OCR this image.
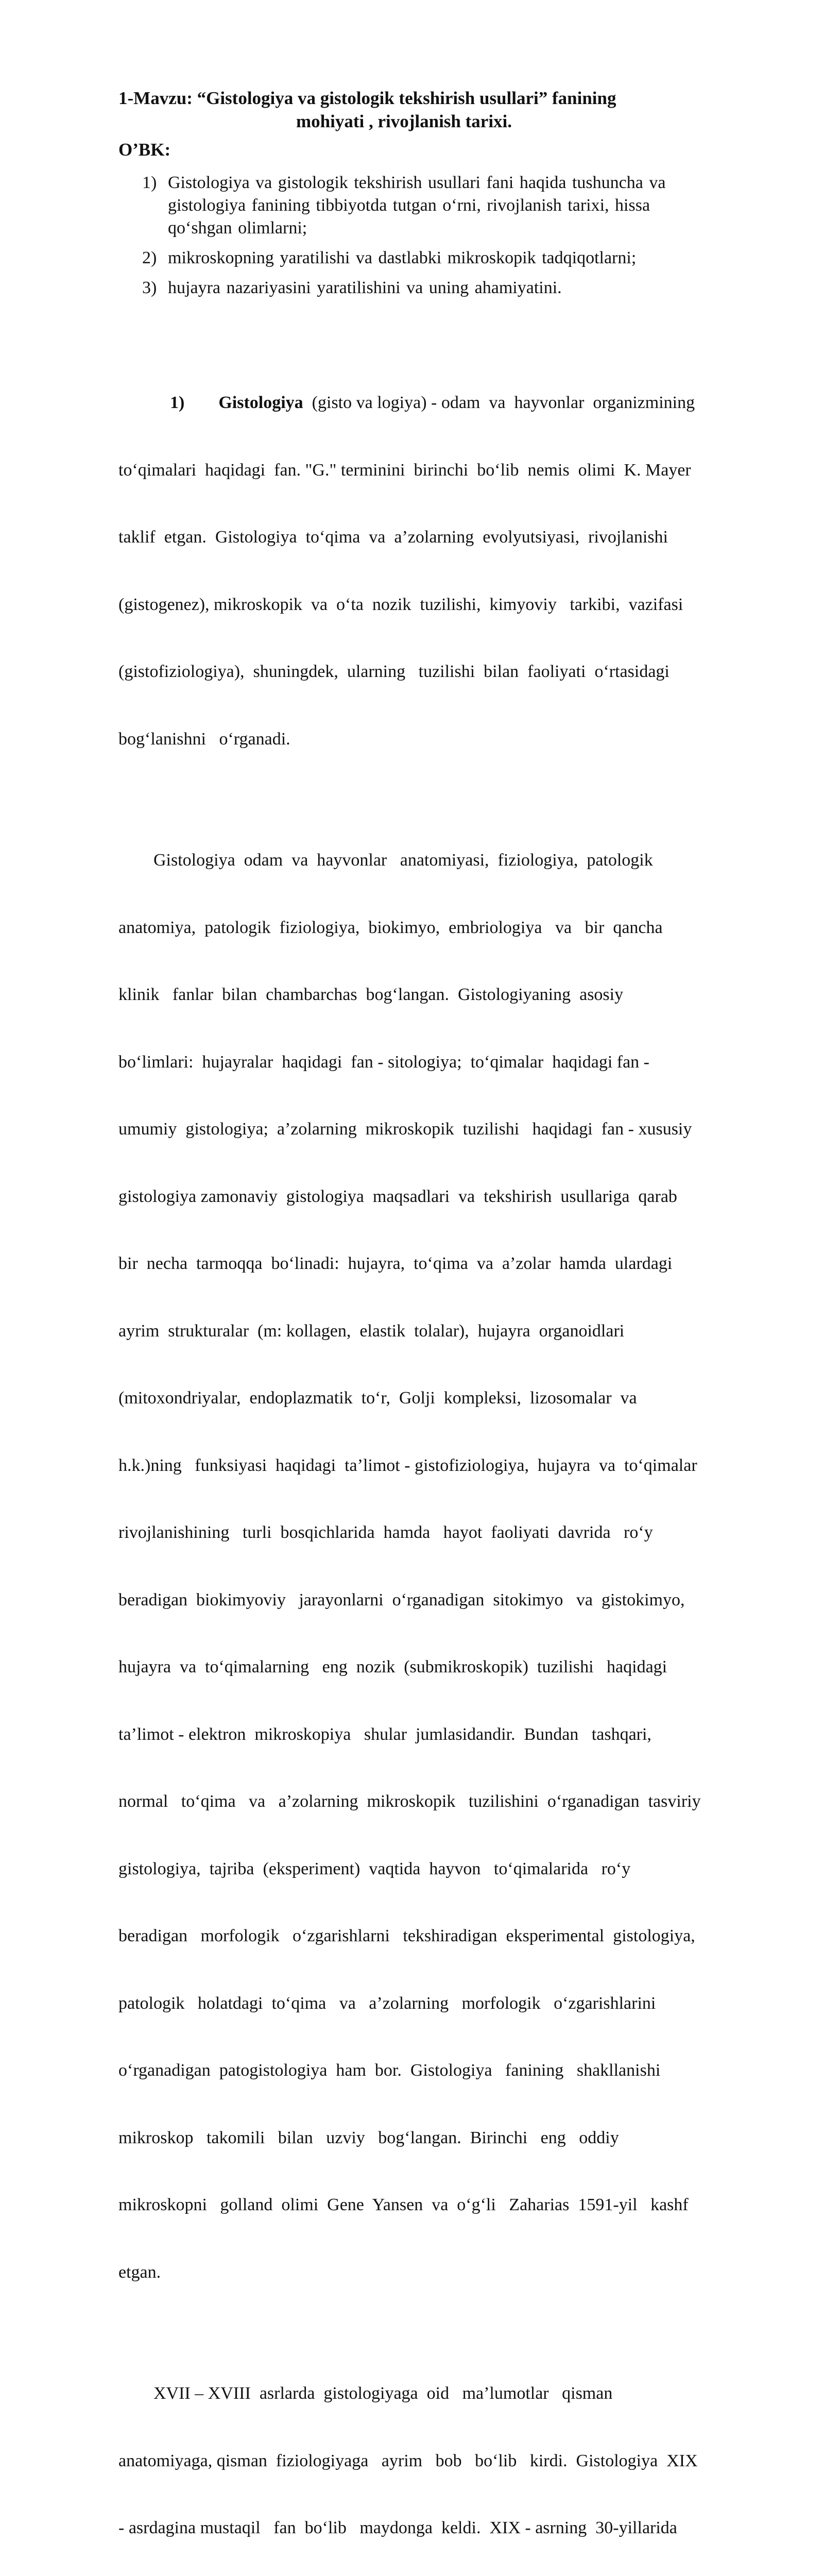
1-Mavzu: “Gistologiya va gistologik tekshirish usullari” fanining
mohiyati , rivojlanish tarixi.
O’BK:
1) Gistologiya va gistologik tekshirish usullari fani haqida tushuncha va
gistologiya fanining tibbiyotda tutgan o‘rni, rivojlanish tarixi, hissa
qo‘shgan olimlarni;
2) mikroskopning yaratilishi va dastlabki mikroskopik tadqiqotlarni;
3) hujayra nazariyasini yaratilishini va uning ahamiyatini.

1) Gistologiya  (gisto va logiya) - odam  va  hayvonlar  organizmining

to‘qimalari  haqidagi  fan. "G." terminini  birinchi  bo‘lib  nemis  olimi  K. Mayer

taklif  etgan.  Gistologiya  to‘qima  va  a’zolarning  evolyutsiyasi,  rivojlanishi

(gistogenez), mikroskopik  va  o‘ta  nozik  tuzilishi,  kimyoviy   tarkibi,  vazifasi

(gistofiziologiya),  shuningdek,  ularning   tuzilishi  bilan  faoliyati  o‘rtasidagi

bog‘lanishni   o‘rganadi.

Gistologiya  odam  va  hayvonlar   anatomiyasi,  fiziologiya,  patologik

anatomiya,  patologik  fiziologiya,  biokimyo,  embriologiya   va   bir  qancha

klinik   fanlar  bilan  chambarchas  bog‘langan.  Gistologiyaning  asosiy

bo‘limlari:  hujayralar  haqidagi  fan - sitologiya;  to‘qimalar  haqidagi fan -

umumiy  gistologiya;  a’zolarning  mikroskopik  tuzilishi   haqidagi  fan - xususiy

gistologiya zamonaviy  gistologiya  maqsadlari  va  tekshirish  usullariga  qarab

bir  necha  tarmoqqa  bo‘linadi:  hujayra,  to‘qima  va  a’zolar  hamda  ulardagi

ayrim  strukturalar  (m: kollagen,  elastik  tolalar),  hujayra  organoidlari

(mitoxondriyalar,  endoplazmatik  to‘r,  Golji  kompleksi,  lizosomalar  va

h.k.)ning   funksiyasi  haqidagi  ta’limot - gistofiziologiya,  hujayra  va  to‘qimalar

rivojlanishining   turli  bosqichlarida  hamda   hayot  faoliyati  davrida   ro‘y

beradigan  biokimyoviy   jarayonlarni  o‘rganadigan  sitokimyo   va  gistokimyo,

hujayra  va  to‘qimalarning   eng  nozik  (submikroskopik)  tuzilishi   haqidagi

ta’limot - elektron  mikroskopiya   shular  jumlasidandir.  Bundan   tashqari,

normal   to‘qima   va   a’zolarning  mikroskopik   tuzilishini  o‘rganadigan  tasviriy

gistologiya,  tajriba  (eksperiment)  vaqtida  hayvon   to‘qimalarida   ro‘y

beradigan   morfologik   o‘zgarishlarni   tekshiradigan  eksperimental  gistologiya,

patologik   holatdagi  to‘qima   va   a’zolarning   morfologik   o‘zgarishlarini

o‘rganadigan  patogistologiya  ham  bor.  Gistologiya   fanining   shakllanishi

mikroskop   takomili   bilan   uzviy   bog‘langan.  Birinchi   eng   oddiy

mikroskopni   golland  olimi  Gene  Yansen  va  o‘g‘li   Zaharias  1591-yil   kashf

etgan.

XVII – XVIII  asrlarda  gistologiyaga  oid   ma’lumotlar   qisman

anatomiyaga, qisman  fiziologiyaga   ayrim   bob   bo‘lib   kirdi.  Gistologiya  XIX

- asrdagina mustaqil   fan  bo‘lib   maydonga  keldi.  XIX - asrning  30-yillarida
